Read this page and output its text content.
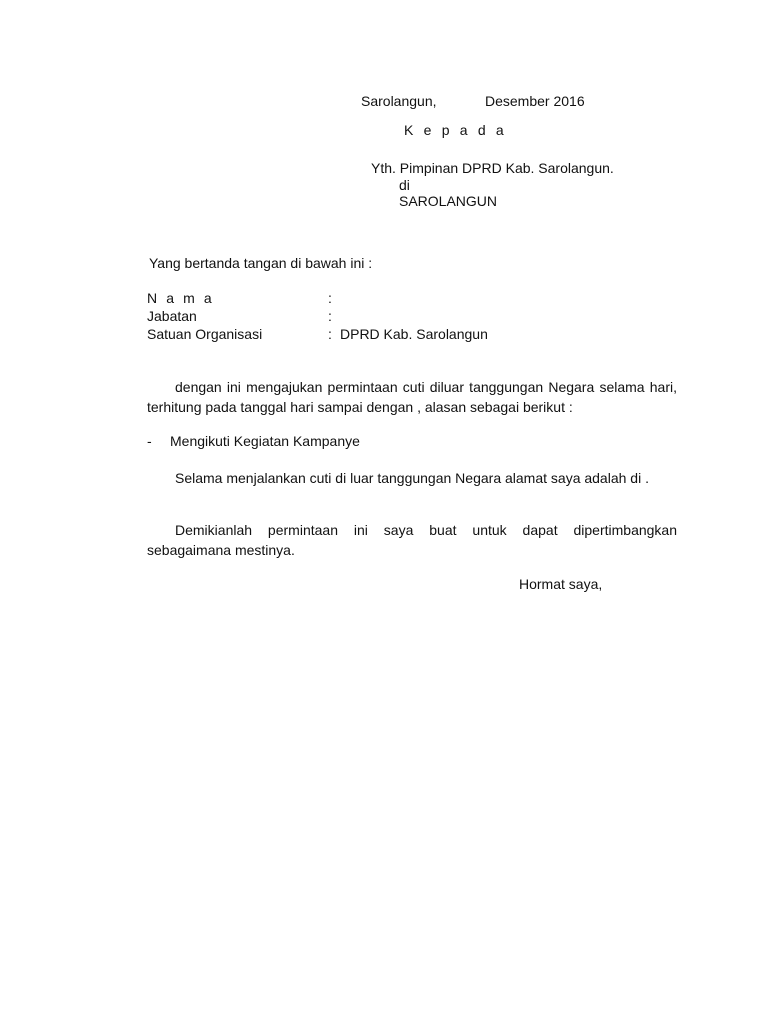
Sarolangun,	Desember 2016
K e p a d a
Yth. Pimpinan DPRD Kab. Sarolangun.
di
SAROLANGUN
Yang bertanda tangan di bawah ini :
N a m a	:
Jabatan	:
Satuan Organisasi	: DPRD Kab. Sarolangun
dengan ini mengajukan permintaan cuti diluar tanggungan Negara selama hari, terhitung pada tanggal hari sampai dengan , alasan sebagai berikut :
- Mengikuti Kegiatan Kampanye
Selama menjalankan cuti di luar tanggungan Negara alamat saya adalah di .
Demikianlah permintaan ini saya buat untuk dapat dipertimbangkan sebagaimana mestinya.
Hormat saya,
